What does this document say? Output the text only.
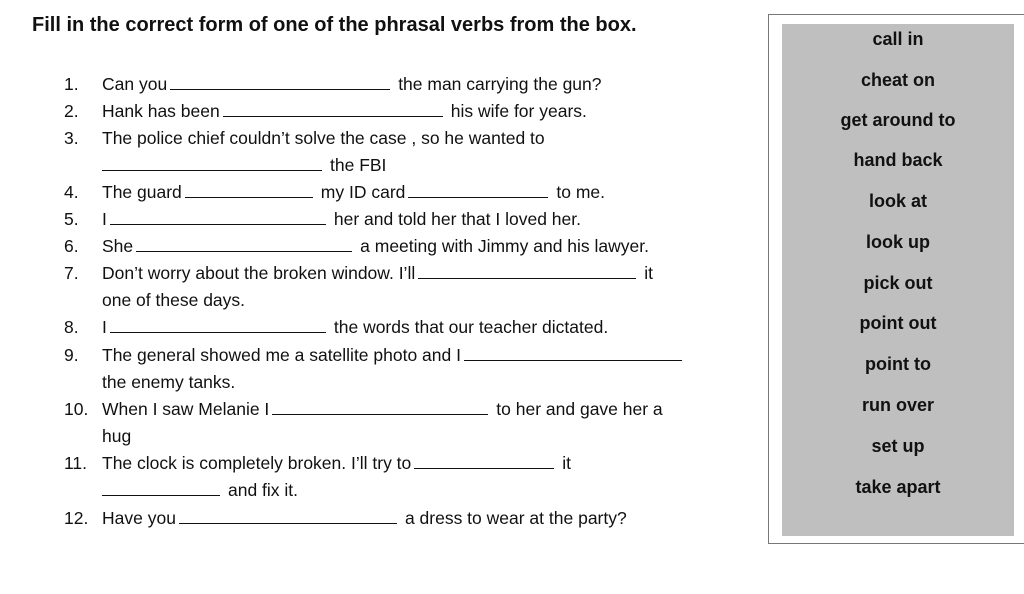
Fill in the correct form of one of the phrasal verbs from the box.
1. Can you	the man carrying the gun?
2. Hank has been	his wife for years.
3. The police chief couldn’t solve the case , so he wanted to
the FBI
4. The guard	my ID card	to me.
5. I	her and told her that I loved her.
6. She	a meeting with Jimmy and his lawyer.
7. Don’t worry about the broken window. I’ll	it
one of these days.
8. I	the words that our teacher dictated.
9. The general showed me a satellite photo and I
the enemy tanks.
10. When I saw Melanie I	to her and gave her a
hug
11. The clock is completely broken. I’ll try to	it
and fix it.
12. Have you	a dress to wear at the party?
call in
cheat on
get around to
hand back
look at
look up
pick out
point out
point to
run over
set up
take apart
